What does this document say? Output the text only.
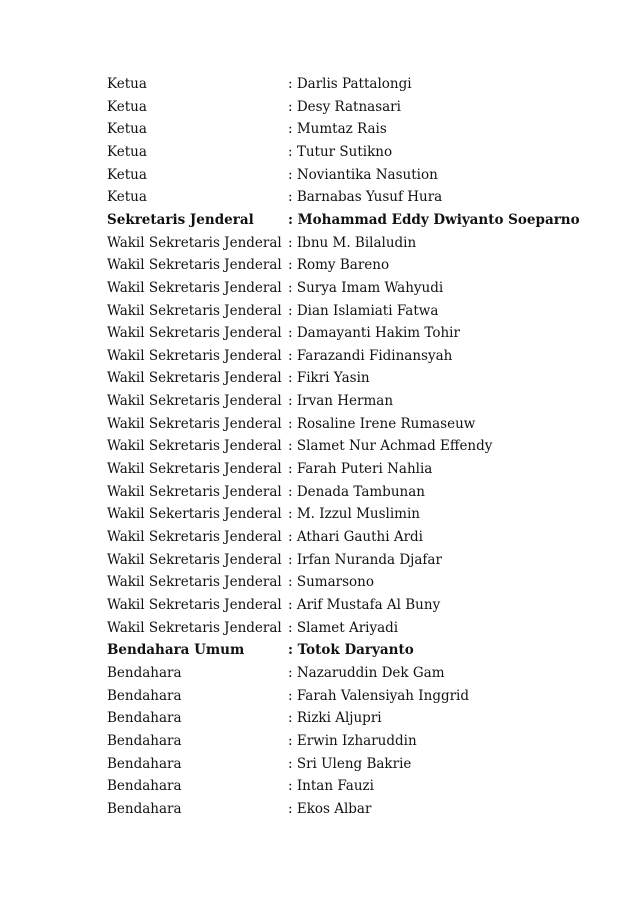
Ketua	: Darlis Pattalongi
Ketua	: Desy Ratnasari
Ketua	: Mumtaz Rais
Ketua	: Tutur Sutikno
Ketua	: Noviantika Nasution
Ketua	: Barnabas Yusuf Hura
Sekretaris Jenderal	: Mohammad Eddy Dwiyanto Soeparno
Wakil Sekretaris Jenderal : Ibnu M. Bilaludin
Wakil Sekretaris Jenderal : Romy Bareno
Wakil Sekretaris Jenderal : Surya Imam Wahyudi
Wakil Sekretaris Jenderal : Dian Islamiati Fatwa
Wakil Sekretaris Jenderal : Damayanti Hakim Tohir
Wakil Sekretaris Jenderal : Farazandi Fidinansyah
Wakil Sekretaris Jenderal : Fikri Yasin
Wakil Sekretaris Jenderal : Irvan Herman
Wakil Sekretaris Jenderal : Rosaline Irene Rumaseuw
Wakil Sekretaris Jenderal : Slamet Nur Achmad Effendy
Wakil Sekretaris Jenderal : Farah Puteri Nahlia
Wakil Sekretaris Jenderal : Denada Tambunan
Wakil Sekertaris Jenderal : M. Izzul Muslimin
Wakil Sekretaris Jenderal : Athari Gauthi Ardi
Wakil Sekretaris Jenderal : Irfan Nuranda Djafar
Wakil Sekretaris Jenderal : Sumarsono
Wakil Sekretaris Jenderal : Arif Mustafa Al Buny
Wakil Sekretaris Jenderal : Slamet Ariyadi
Bendahara Umum	: Totok Daryanto
Bendahara	: Nazaruddin Dek Gam
Bendahara	: Farah Valensiyah Inggrid
Bendahara	: Rizki Aljupri
Bendahara	: Erwin Izharuddin
Bendahara	: Sri Uleng Bakrie
Bendahara	: Intan Fauzi
Bendahara	: Ekos Albar
